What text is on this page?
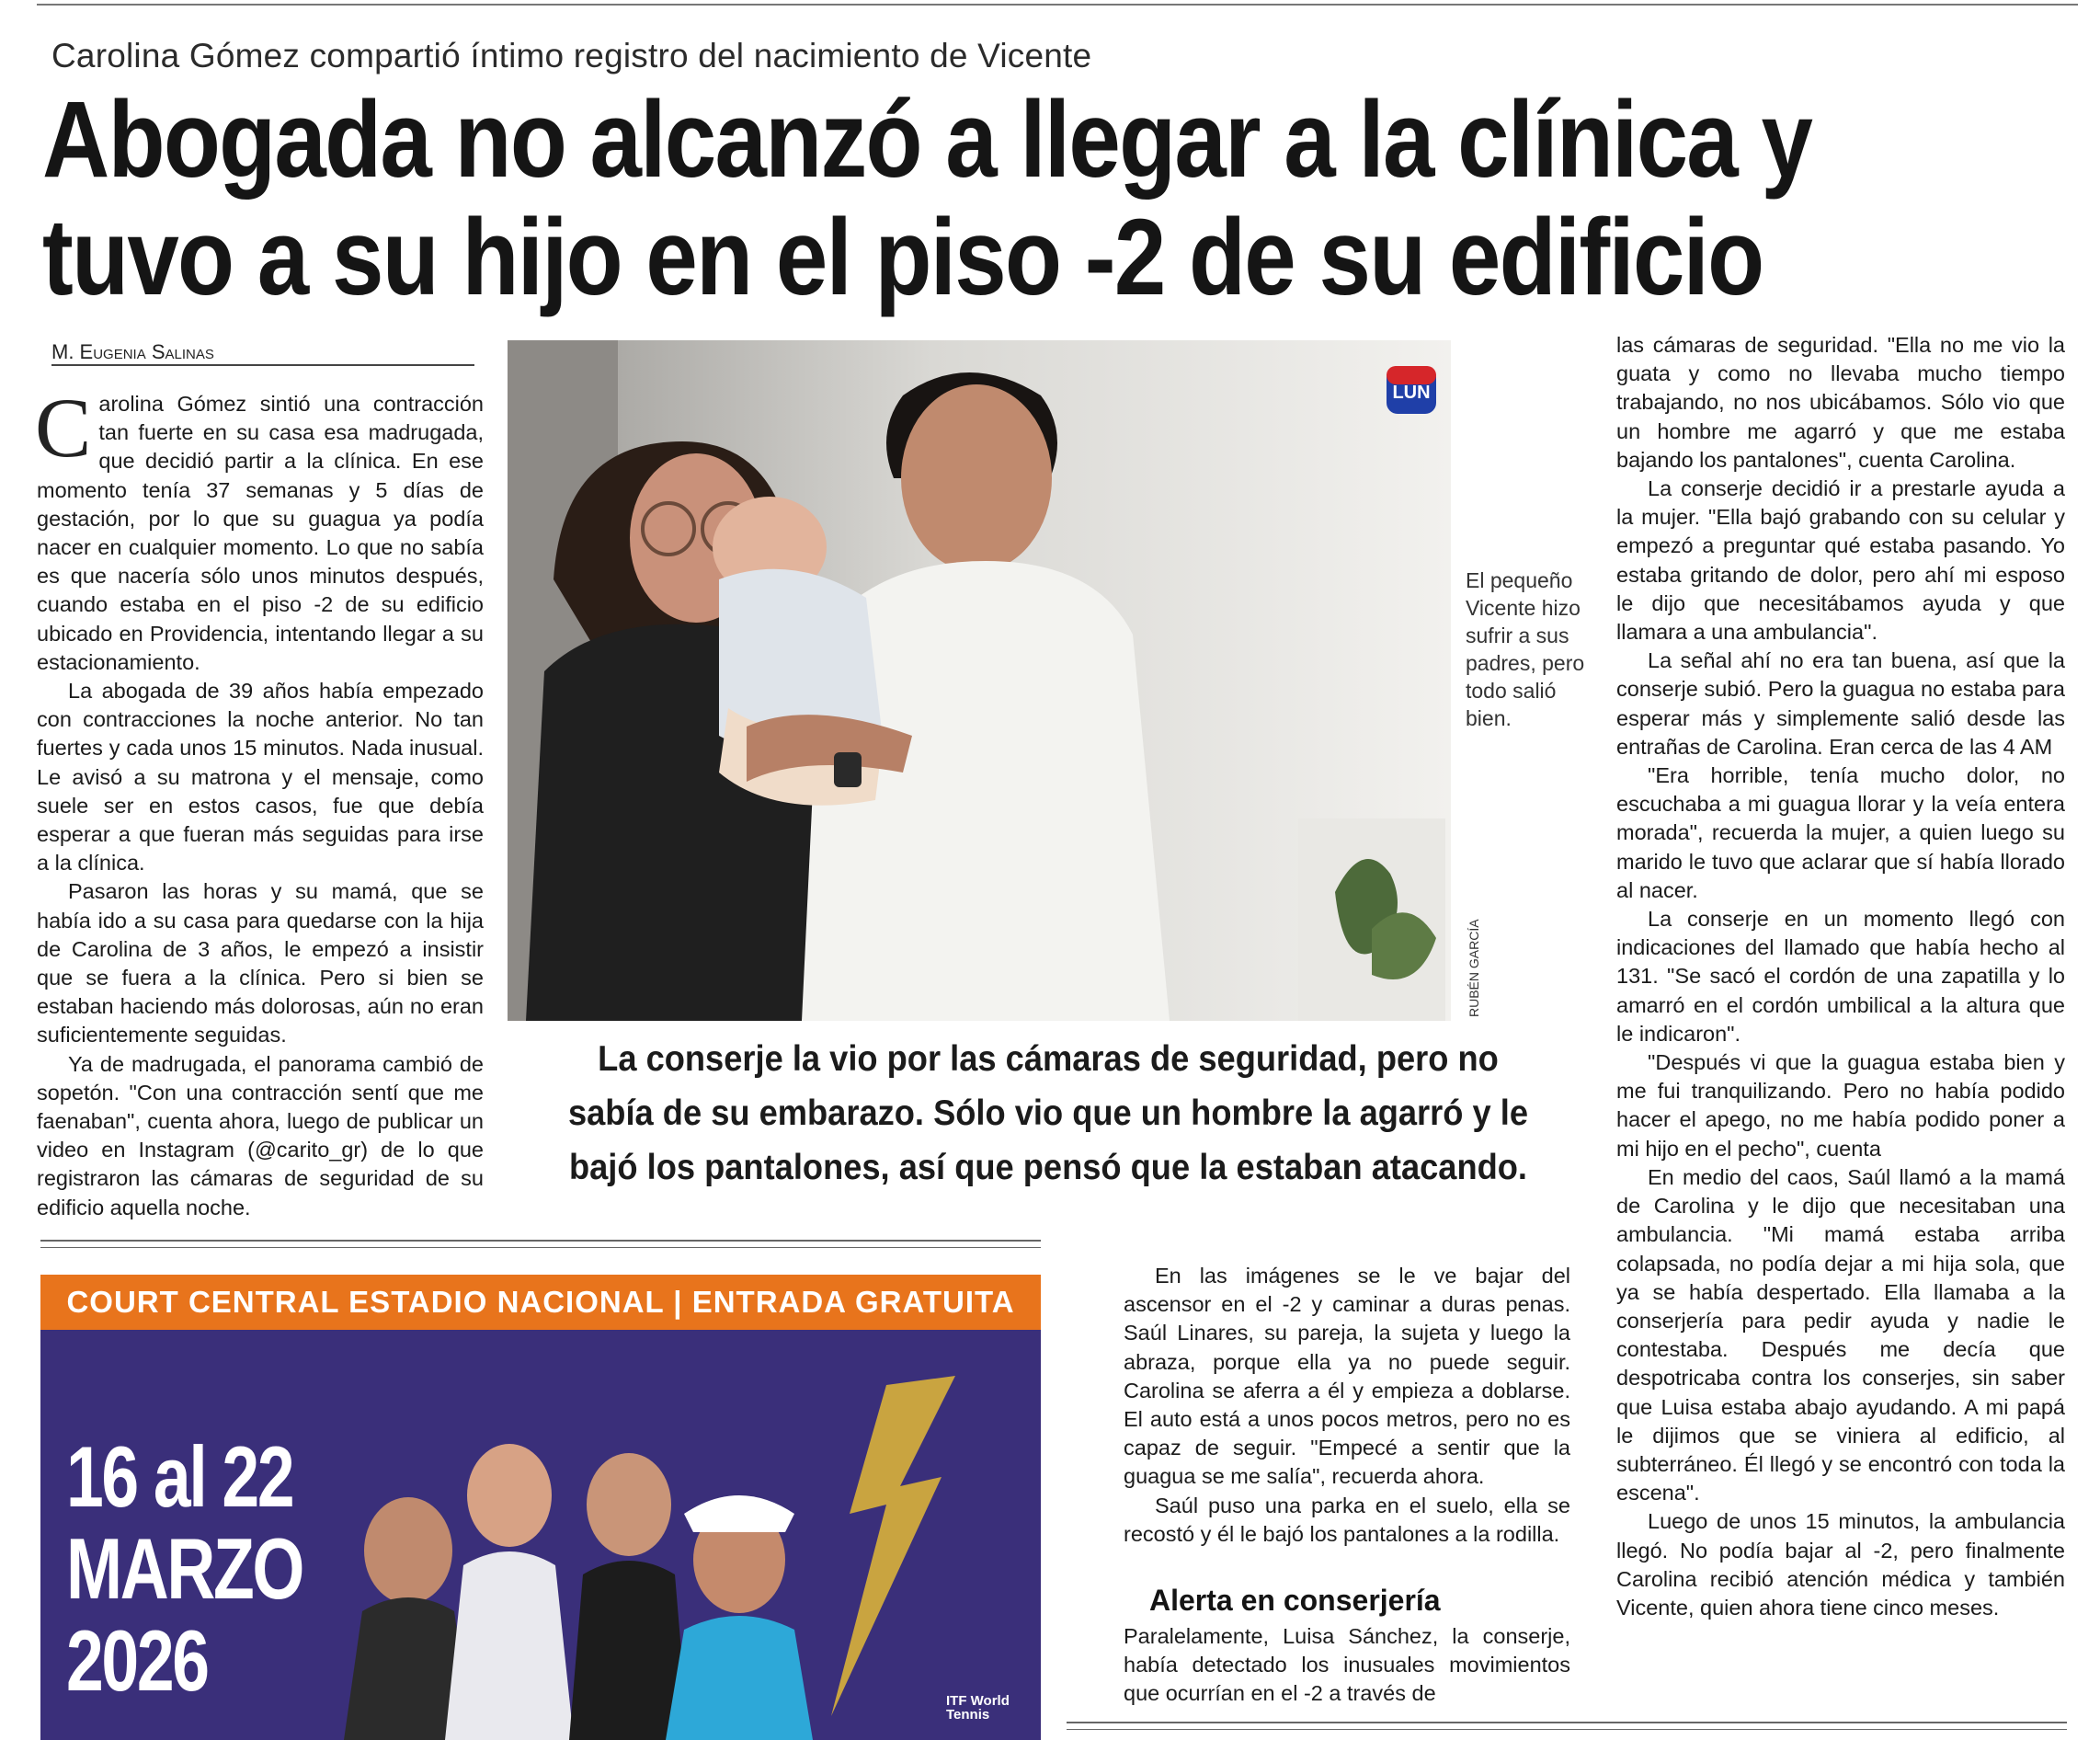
Carolina Gómez compartió íntimo registro del nacimiento de Vicente
Abogada no alcanzó a llegar a la clínica y
tuvo a su hijo en el piso -2 de su edificio
M. Eugenia Salinas

Carolina Gómez sintió una contracción tan fuerte en su casa esa madrugada, que decidió partir a la clínica. En ese momento tenía 37 semanas y 5 días de gestación, por lo que su guagua ya podía nacer en cualquier momento. Lo que no sabía es que nacería sólo unos minutos después, cuando estaba en el piso -2 de su edificio ubicado en Providencia, intentando llegar a su estacionamiento.

La abogada de 39 años había empezado con contracciones la noche anterior. No tan fuertes y cada unos 15 minutos. Nada inusual. Le avisó a su matrona y el mensaje, como suele ser en estos casos, fue que debía esperar a que fueran más seguidas para irse a la clínica.

Pasaron las horas y su mamá, que se había ido a su casa para quedarse con la hija de Carolina de 3 años, le empezó a insistir que se fuera a la clínica. Pero si bien se estaban haciendo más dolorosas, aún no eran suficientemente seguidas.

Ya de madrugada, el panorama cambió de sopetón. "Con una contracción sentí que me faenaban", cuenta ahora, luego de publicar un video en Instagram (@carito_gr) de lo que registraron las cámaras de seguridad de su edificio aquella noche.

LUN
El pequeño Vicente hizo sufrir a sus padres, pero todo salió bien.
RUBÉN GARCÍA
La conserje la vio por las cámaras de seguridad, pero no
sabía de su embarazo. Sólo vio que un hombre la agarró y le
bajó los pantalones, así que pensó que la estaban atacando.

En las imágenes se le ve bajar del ascensor en el -2 y caminar a duras penas. Saúl Linares, su pareja, la sujeta y luego la abraza, porque ella ya no puede seguir. Carolina se aferra a él y empieza a doblarse. El auto está a unos pocos metros, pero no es capaz de seguir. "Empecé a sentir que la guagua se me salía", recuerda ahora.

Saúl puso una parka en el suelo, ella se recostó y él le bajó los pantalones a la rodilla.

Alerta en conserjería

Paralelamente, Luisa Sánchez, la conserje, había detectado los inusuales movimientos que ocurrían en el -2 a través de

las cámaras de seguridad. "Ella no me vio la guata y como no llevaba mucho tiempo trabajando, no nos ubicábamos. Sólo vio que un hombre me agarró y que me estaba bajando los pantalones", cuenta Carolina.

La conserje decidió ir a prestarle ayuda a la mujer. "Ella bajó grabando con su celular y empezó a preguntar qué estaba pasando. Yo estaba gritando de dolor, pero ahí mi esposo le dijo que necesitábamos ayuda y que llamara a una ambulancia".

La señal ahí no era tan buena, así que la conserje subió. Pero la guagua no estaba para esperar más y simplemente salió desde las entrañas de Carolina. Eran cerca de las 4 AM

"Era horrible, tenía mucho dolor, no escuchaba a mi guagua llorar y la veía entera morada", recuerda la mujer, a quien luego su marido le tuvo que aclarar que sí había llorado al nacer.

La conserje en un momento llegó con indicaciones del llamado que había hecho al 131. "Se sacó el cordón de una zapatilla y lo amarró en el cordón umbilical a la altura que le indicaron".

"Después vi que la guagua estaba bien y me fui tranquilizando. Pero no había podido hacer el apego, no me había podido poner a mi hijo en el pecho", cuenta

En medio del caos, Saúl llamó a la mamá de Carolina y le dijo que necesitaban una ambulancia. "Mi mamá estaba arriba colapsada, no podía dejar a mi hija sola, que ya se había despertado. Ella llamaba a la conserjería para pedir ayuda y nadie le contestaba. Después me decía que despotricaba contra los conserjes, sin saber que Luisa estaba abajo ayudando. A mi papá le dijimos que se viniera al edificio, al subterráneo. Él llegó y se encontró con toda la escena".

Luego de unos 15 minutos, la ambulancia llegó. No podía bajar al -2, pero finalmente Carolina recibió atención médica y también Vicente, quien ahora tiene cinco meses.

COURT CENTRAL ESTADIO NACIONAL | ENTRADA GRATUITA
16 al 22
MARZO
2026	ITF World Tennis
